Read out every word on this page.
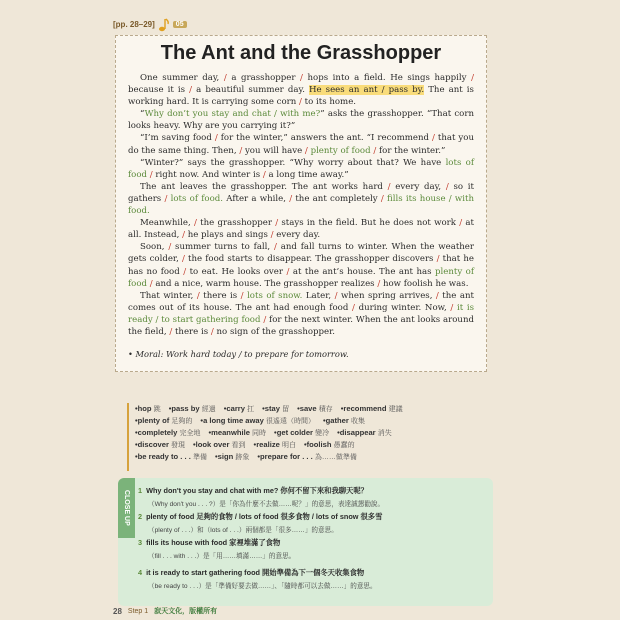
[pp. 28–29]	05
The Ant and the Grasshopper

One summer day, / a grasshopper / hops into a field. He sings happily / because it is / a beautiful summer day. He sees an ant / pass by. The ant is working hard. It is carrying some corn / to its home.

“Why don’t you stay and chat / with me?” asks the grasshopper. “That corn looks heavy. Why are you carrying it?”

“I’m saving food / for the winter,” answers the ant. “I recommend / that you do the same thing. Then, / you will have / plenty of food / for the winter.”

“Winter?” says the grasshopper. “Why worry about that? We have lots of food / right now. And winter is / a long time away.”

The ant leaves the grasshopper. The ant works hard / every day, / so it gathers / lots of food. After a while, / the ant completely / fills its house / with food.

Meanwhile, / the grasshopper / stays in the field. But he does not work / at all. Instead, / he plays and sings / every day.

Soon, / summer turns to fall, / and fall turns to winter. When the weather gets colder, / the food starts to disappear. The grasshopper discovers / that he has no food / to eat. He looks over / at the ant’s house. The ant has plenty of food / and a nice, warm house. The grasshopper realizes / how foolish he was.

That winter, / there is / lots of snow. Later, / when spring arrives, / the ant comes out of its house. The ant had enough food / during winter. Now, / it is ready / to start gathering food / for the next winter. When the ant looks around the field, / there is / no sign of the grasshopper.

• Moral: Work hard today / to prepare for tomorrow.
•hop 跳 •pass by 經過 •carry 扛 •stay 留 •save 積存 •recommend 建議
•plenty of 足夠的 •a long time away 很遙遠（時間） •gather 收集
•completely 完全地 •meanwhile 同時 •get colder 變冷 •disappear 消失
•discover 發現 •look over 看到 •realize 明白 •foolish 愚蠢的
•be ready to . . . 準備 •sign 跡象 •prepare for . . . 為……做準備
CLOSE UP	1 Why don't you stay and chat with me? 你何不留下來和我聊天呢？
（Why don't you . . . ?）是「你為什麼不去做……呢？」的意思，表達誠懇勸說。
2 plenty of food 足夠的食物 / lots of food 很多食物 / lots of snow 很多雪
（plenty of . . .）和（lots of . . .）兩個都是「很多……」的意思。
3 fills its house with food 家裡堆滿了食物
（fill . . . with . . .）是「用……填滿……」的意思。
4 it is ready to start gathering food 開始準備為下一個冬天收集食物
（be ready to . . .）是「準備好要去做……」、「隨時都可以去做……」的意思。
28 Step 1 寂天文化，版權所有
